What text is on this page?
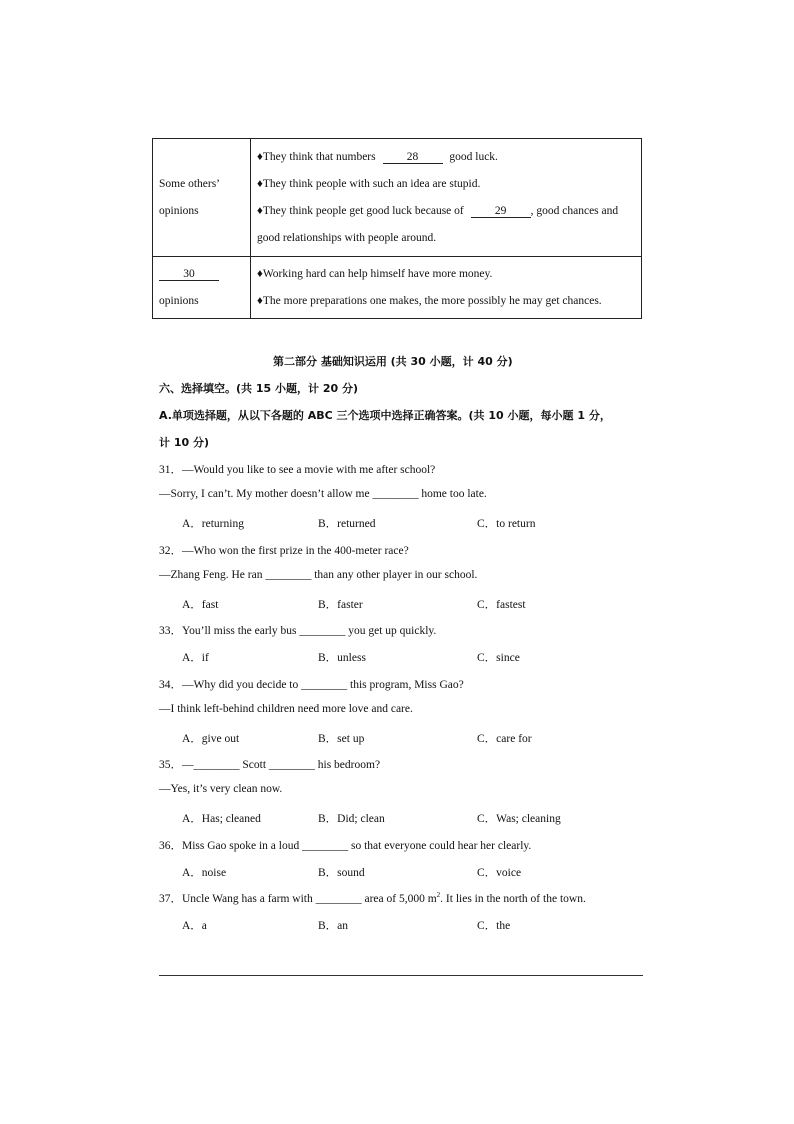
Some others’
opinions
♦They think that numbers	28	good luck.
♦They think people with such an idea are stupid.
♦They think people get good luck because of	29 , good chances and
good relationships with people around.
30
opinions
♦Working hard can help himself have more money.
♦The more preparations one makes, the more possibly he may get chances.
第二部分 基础知识运用 (共 30 小题，计 40 分)
六、选择填空。(共 15 小题，计 20 分)
A.单项选择题，从以下各题的 ABC 三个选项中选择正确答案。(共 10 小题，每小题 1 分，
计 10 分)
31．—Would you like to see a movie with me after school?
—Sorry, I can’t. My mother doesn’t allow me ________ home too late.
A．returning	B．returned	C．to return
32．—Who won the first prize in the 400-meter race?
—Zhang Feng. He ran ________ than any other player in our school.
A．fast	B．faster	C．fastest
33．You’ll miss the early bus ________ you get up quickly.
A．if	B．unless	C．since
34．—Why did you decide to ________ this program, Miss Gao?
—I think left-behind children need more love and care.
A．give out	B．set up	C．care for
35．—________ Scott ________ his bedroom?
—Yes, it’s very clean now.
A．Has; cleaned	B．Did; clean	C．Was; cleaning
36．Miss Gao spoke in a loud ________ so that everyone could hear her clearly.
A．noise	B．sound	C．voice
37．Uncle Wang has a farm with ________ area of 5,000 $m^2$. It lies in the north of the town.
A．a	B．an	C．the
